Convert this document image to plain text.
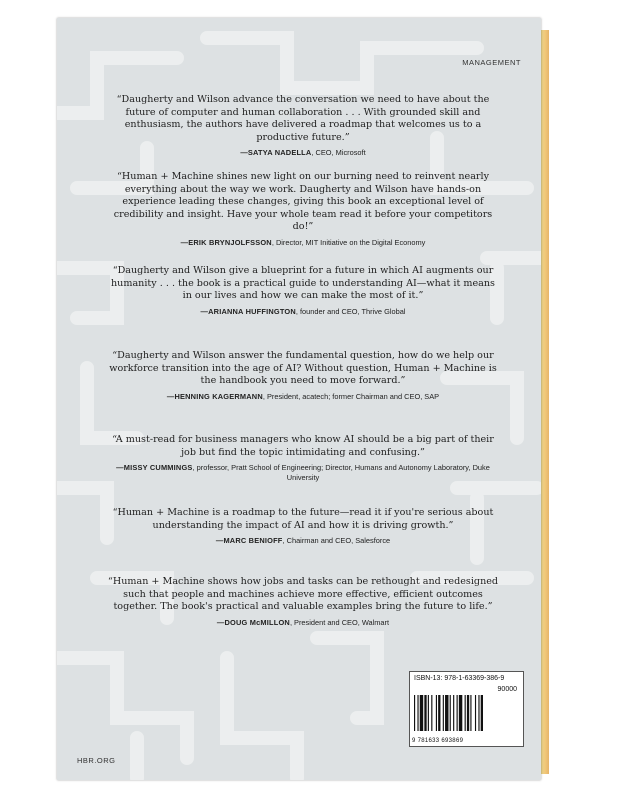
MANAGEMENT

“Daugherty and Wilson advance the conversation we need to have about the future of computer and human collaboration . . . With grounded skill and enthusiasm, the authors have delivered a roadmap that welcomes us to a productive future.”

—SATYA NADELLA, CEO, Microsoft

“Human + Machine shines new light on our burning need to reinvent nearly everything about the way we work. Daugherty and Wilson have hands-on experience leading these changes, giving this book an exceptional level of credibility and insight. Have your whole team read it before your competitors do!”

—ERIK BRYNJOLFSSON, Director, MIT Initiative on the Digital Economy

“Daugherty and Wilson give a blueprint for a future in which AI augments our humanity . . . the book is a practical guide to understanding AI—what it means in our lives and how we can make the most of it.”

—ARIANNA HUFFINGTON, founder and CEO, Thrive Global

“Daugherty and Wilson answer the fundamental question, how do we help our workforce transition into the age of AI? Without question, Human + Machine is the handbook you need to move forward.”

—HENNING KAGERMANN, President, acatech; former Chairman and CEO, SAP

“A must-read for business managers who know AI should be a big part of their job but find the topic intimidating and confusing.”

—MISSY CUMMINGS, professor, Pratt School of Engineering; Director, Humans and Autonomy Laboratory, Duke University

“Human + Machine is a roadmap to the future—read it if you're serious about understanding the impact of AI and how it is driving growth.”

—MARC BENIOFF, Chairman and CEO, Salesforce

“Human + Machine shows how jobs and tasks can be rethought and redesigned such that people and machines achieve more effective, efficient outcomes together. The book's practical and valuable examples bring the future to life.”

—DOUG McMILLON, President and CEO, Walmart
HBR.ORG
ISBN-13: 978-1-63369-386-9
90000
9 781633 693869
